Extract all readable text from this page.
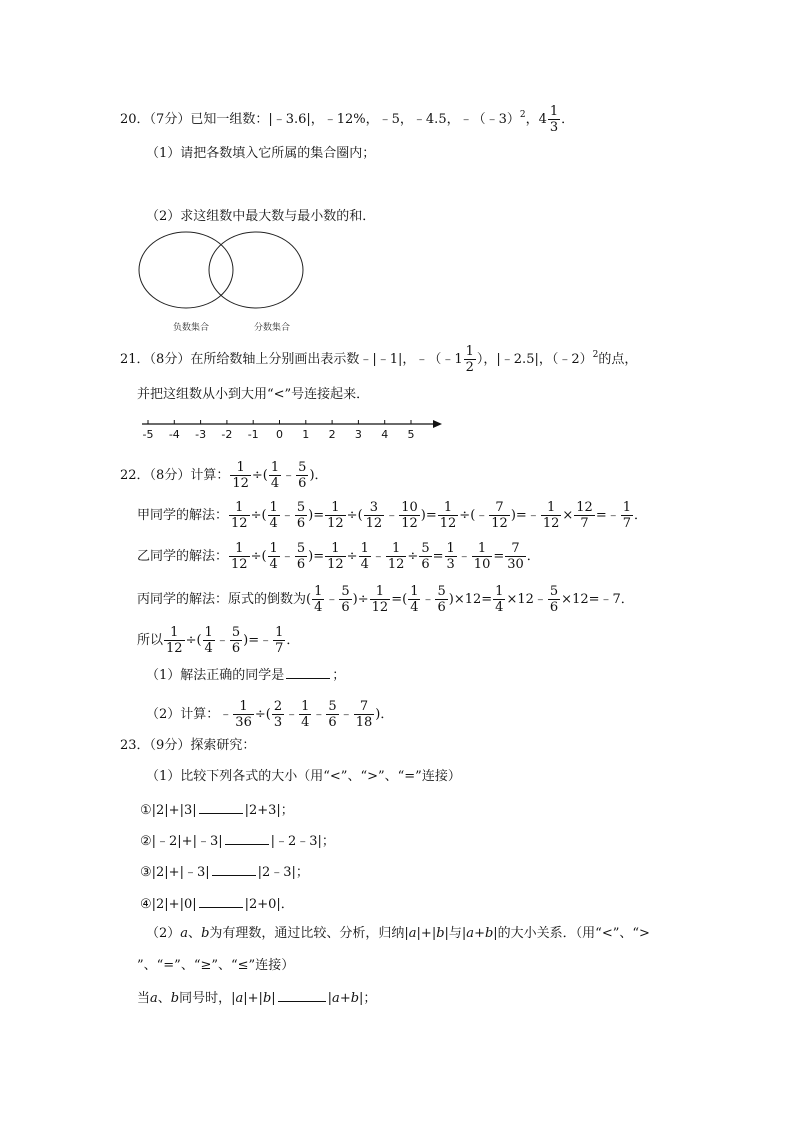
20．（7分）已知一组数：|﹣3.6|，﹣12%，﹣5，﹣4.5，﹣（﹣3）$^2$，$4 \frac{1}{3}$ ．
（1）请把各数填入它所属的集合圈内；
（2）求这组数中最大数与最小数的和．
负数集合	分数集合
21．（8分）在所给数轴上分别画出表示数﹣|﹣1|，﹣（﹣1 $\frac{1}{2}$ ），|﹣2.5|，（﹣2）$^2$的点，
并把这组数从小到大用“<”号连接起来．
-5 -4 -3 -2 -1 0 1 2 3 4 5
22．（8分）计算： $\frac{1}{12}$ ÷( $\frac{1}{4}$ ﹣ $\frac{5}{6}$ )．
甲同学的解法： $\frac{1}{12}$ ÷( $\frac{1}{4}$ ﹣ $\frac{5}{6}$ )= $\frac{1}{12}$ ÷( $\frac{3}{12}$ ﹣ $\frac{10}{12}$ )= $\frac{1}{12}$ ÷(﹣ $\frac{7}{12}$ )=﹣ $\frac{1}{12} \times \frac{12}{7}$ =﹣ $\frac{1}{7}$ ．
乙同学的解法： $\frac{1}{12}$ ÷( $\frac{1}{4}$ ﹣ $\frac{5}{6}$ )= $\frac{1}{12} \div \frac{1}{4}$ ﹣ $\frac{1}{12} \div \frac{5}{6} = \frac{1}{3}$ ﹣ $\frac{1}{10} = \frac{7}{30}$ ．
丙同学的解法：原式的倒数为( $\frac{1}{4}$ ﹣ $\frac{5}{6}$ )÷ $\frac{1}{12}$ =( $\frac{1}{4}$ ﹣ $\frac{5}{6} )\times 12= \frac{1}{4}$ ×12﹣ $\frac{5}{6}$ ×12=﹣7．
所以 $\frac{1}{12}$ ÷( $\frac{1}{4}$ ﹣ $\frac{5}{6}$ )=﹣ $\frac{1}{7}$ ．
（1）解法正确的同学是	；
（2）计算：﹣ $\frac{1}{36}$ ÷( $\frac{2}{3}$ ﹣ $\frac{1}{4}$ ﹣ $\frac{5}{6}$ ﹣ $\frac{7}{18}$ )．
23．（9分）探索研究：
（1）比较下列各式的大小（用“<”、“>”、“=”连接）
①|2|+|3|	|2+3|；
②|﹣2|+|﹣3|	|﹣2﹣3|；
③|2|+|﹣3|	|2﹣3|；
④|2|+|0|	|2+0|．
（2）a、b为有理数，通过比较、分析，归纳|a|+|b|与|a+b|的大小关系．（用“<”、“>
”、“=”、“≥”、“≤”连接）
当a、b同号时，|a|+|b|	|a+b|；
